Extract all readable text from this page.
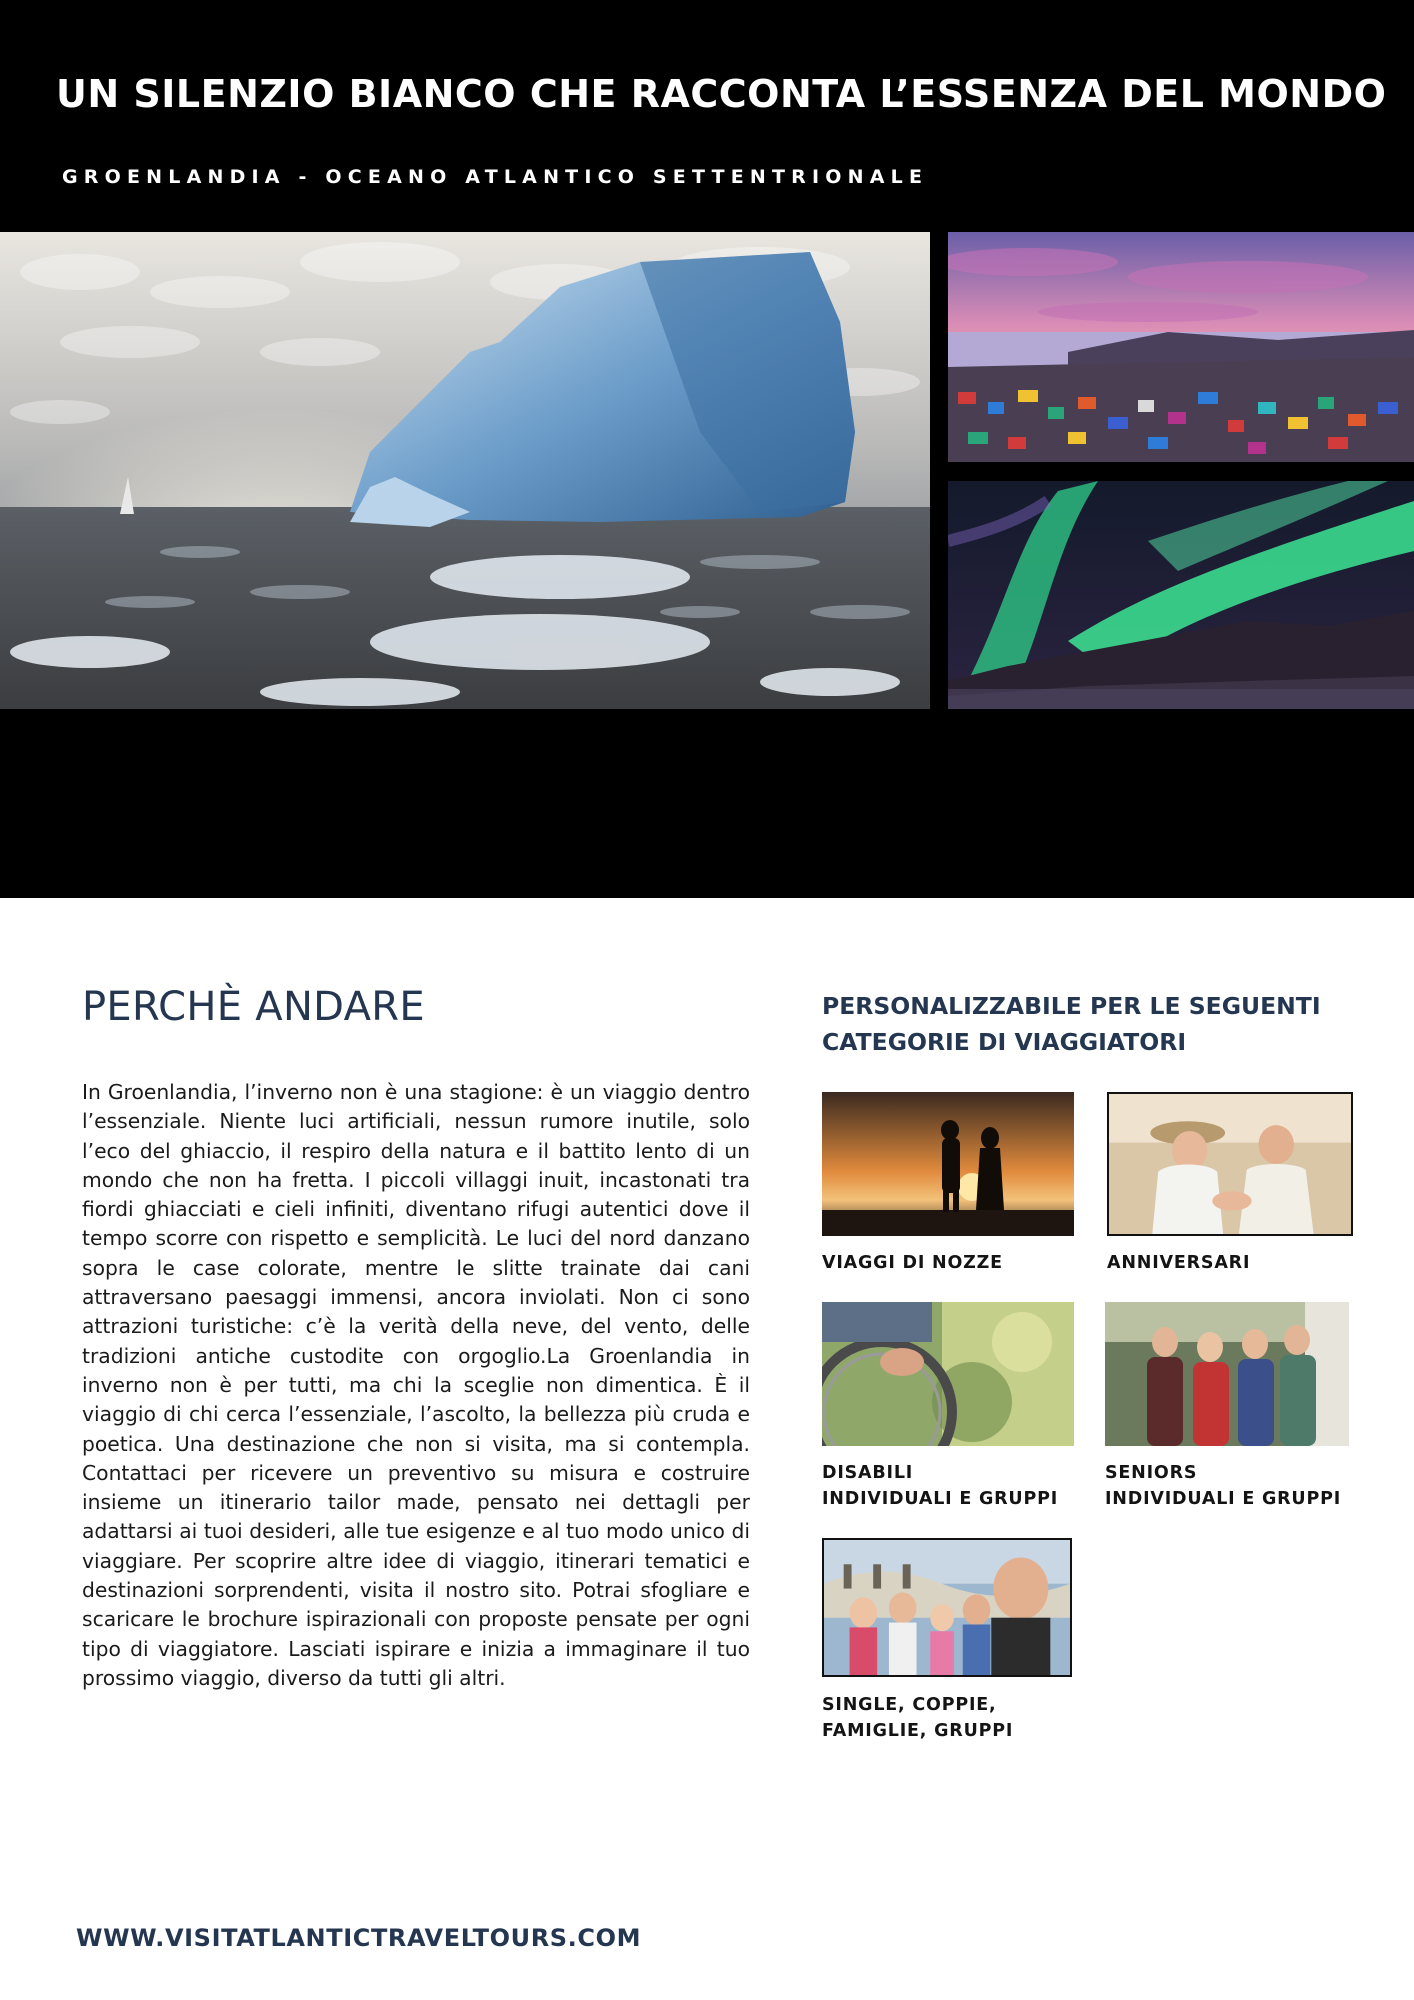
UN SILENZIO BIANCO CHE RACCONTA L’ESSENZA DEL MONDO
GROENLANDIA - OCEANO ATLANTICO SETTENTRIONALE
PERCHÈ ANDARE

In Groenlandia, l’inverno non è una stagione: è un viaggio dentro l’essenziale. Niente luci artificiali, nessun rumore inutile, solo l’eco del ghiaccio, il respiro della natura e il battito lento di un mondo che non ha fretta. I piccoli villaggi inuit, incastonati tra fiordi ghiacciati e cieli infiniti, diventano rifugi autentici dove il tempo scorre con rispetto e semplicità. Le luci del nord danzano sopra le case colorate, mentre le slitte trainate dai cani attraversano paesaggi immensi, ancora inviolati. Non ci sono attrazioni turistiche: c’è la verità della neve, del vento, delle tradizioni antiche custodite con orgoglio.La Groenlandia in inverno non è per tutti, ma chi la sceglie non dimentica. È il viaggio di chi cerca l’essenziale, l’ascolto, la bellezza più cruda e poetica. Una destinazione che non si visita, ma si contempla. Contattaci per ricevere un preventivo su misura e costruire insieme un itinerario tailor made, pensato nei dettagli per adattarsi ai tuoi desideri, alle tue esigenze e al tuo modo unico di viaggiare. Per scoprire altre idee di viaggio, itinerari tematici e destinazioni sorprendenti, visita il nostro sito. Potrai sfogliare e scaricare le brochure ispirazionali con proposte pensate per ogni tipo di viaggiatore. Lasciati ispirare e inizia a immaginare il tuo prossimo viaggio, diverso da tutti gli altri.

PERSONALIZZABILE PER LE SEGUENTI CATEGORIE DI VIAGGIATORI
VIAGGI DI NOZZE	ANNIVERSARI
DISABILI
INDIVIDUALI E GRUPPI
SENIORS
INDIVIDUALI E GRUPPI
SINGLE, COPPIE,
FAMIGLIE, GRUPPI
WWW.VISITATLANTICTRAVELTOURS.COM
